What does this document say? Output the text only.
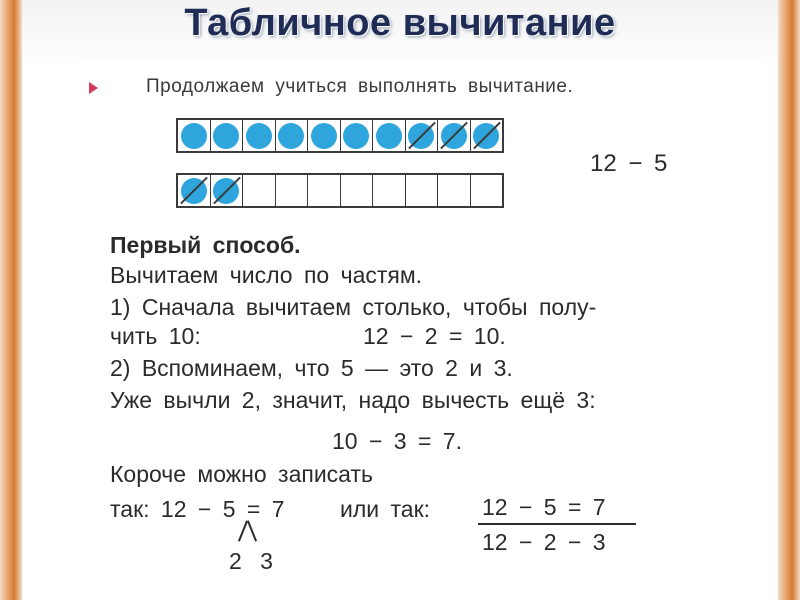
Табличное вычитание
Продолжаем учиться выполнять вычитание.
12 − 5
Первый способ.
Вычитаем число по частям.
1) Сначала вычитаем столько, чтобы полу-
чить 10:	12 − 2 = 10.
2) Вспоминаем, что 5 — это 2 и 3.
Уже вычли 2, значит, надо вычесть ещё 3:
10 − 3 = 7.
Короче можно записать
так: 12 − 5 = 7 или так:
2 3
12 − 5 = 7
12 − 2 − 3
